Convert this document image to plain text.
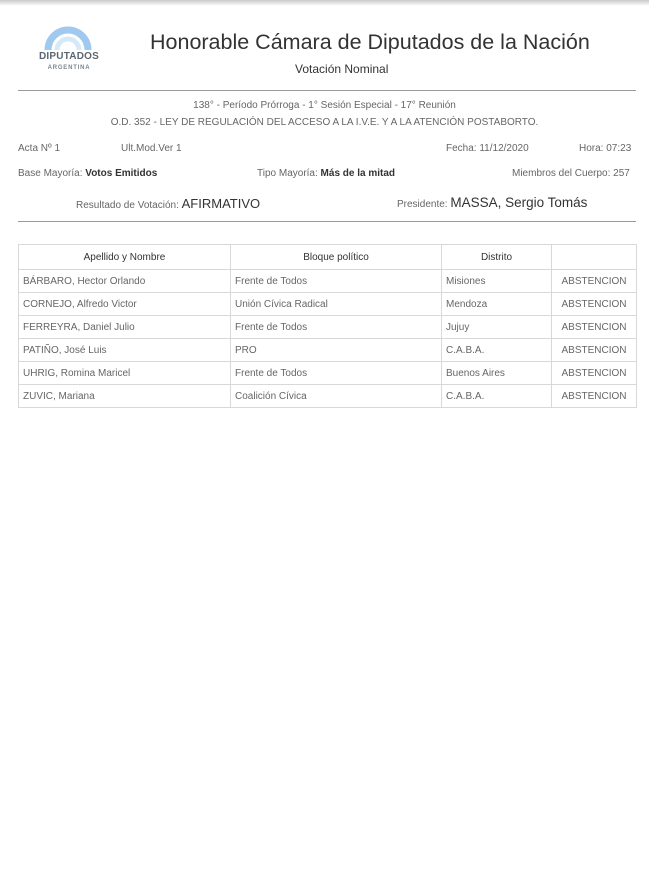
DIPUTADOS
ARGENTINA
Honorable Cámara de Diputados de la Nación
Votación Nominal
138° - Período Prórroga - 1° Sesión Especial - 17° Reunión
O.D. 352 - LEY DE REGULACIÓN DEL ACCESO A LA I.V.E. Y A LA ATENCIÓN POSTABORTO.
Acta Nº 1	Ult.Mod.Ver 1	Fecha: 11/12/2020	Hora: 07:23
Base Mayoría: Votos Emitidos	Tipo Mayoría: Más de la mitad	Miembros del Cuerpo: 257
Resultado de Votación: AFIRMATIVO	Presidente: MASSA, Sergio Tomás
Apellido y Nombre	Bloque político	Distrito	
BÁRBARO, Hector Orlando	Frente de Todos	Misiones	ABSTENCION
CORNEJO, Alfredo Victor	Unión Cívica Radical	Mendoza	ABSTENCION
FERREYRA, Daniel Julio	Frente de Todos	Jujuy	ABSTENCION
PATIÑO, José Luis	PRO	C.A.B.A.	ABSTENCION
UHRIG, Romina Maricel	Frente de Todos	Buenos Aires	ABSTENCION
ZUVIC, Mariana	Coalición Cívica	C.A.B.A.	ABSTENCION
